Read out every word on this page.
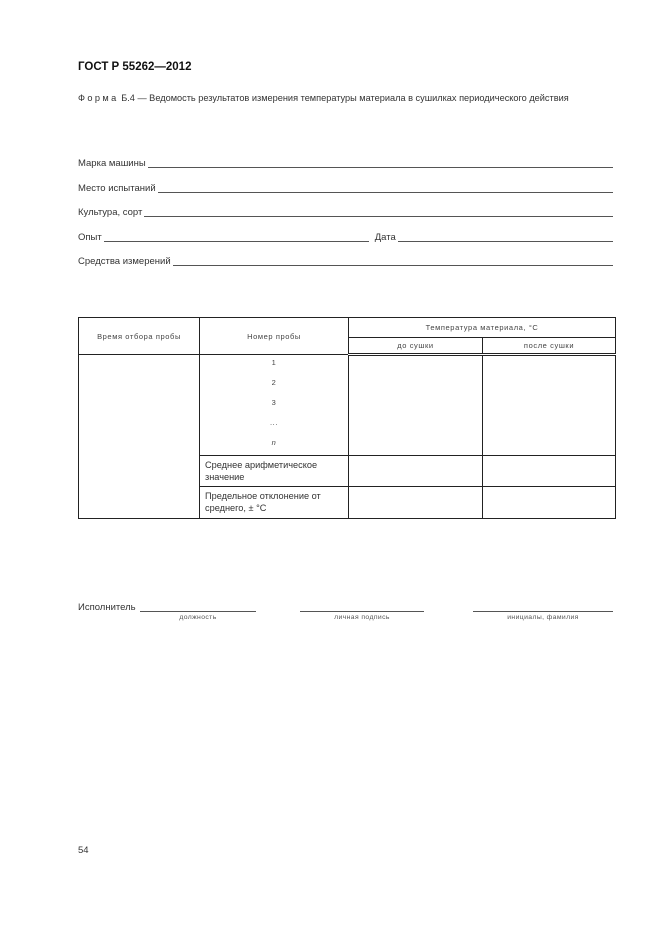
ГОСТ Р 55262—2012
Форма Б.4 — Ведомость результатов измерения температуры материала в сушилках периодического действия
Марка машины
Место испытаний
Культура, сорт
Опыт	Дата
Средства измерений
Время отбора пробы	Номер пробы	Температура материала, °С	
		до сушки	после сушки

	1
2
3
...
n		

	Среднее арифметическое значение		
	Предельное отклонение от среднего, ± °С		
Исполнитель
должность	личная подпись	инициалы, фамилия
54
